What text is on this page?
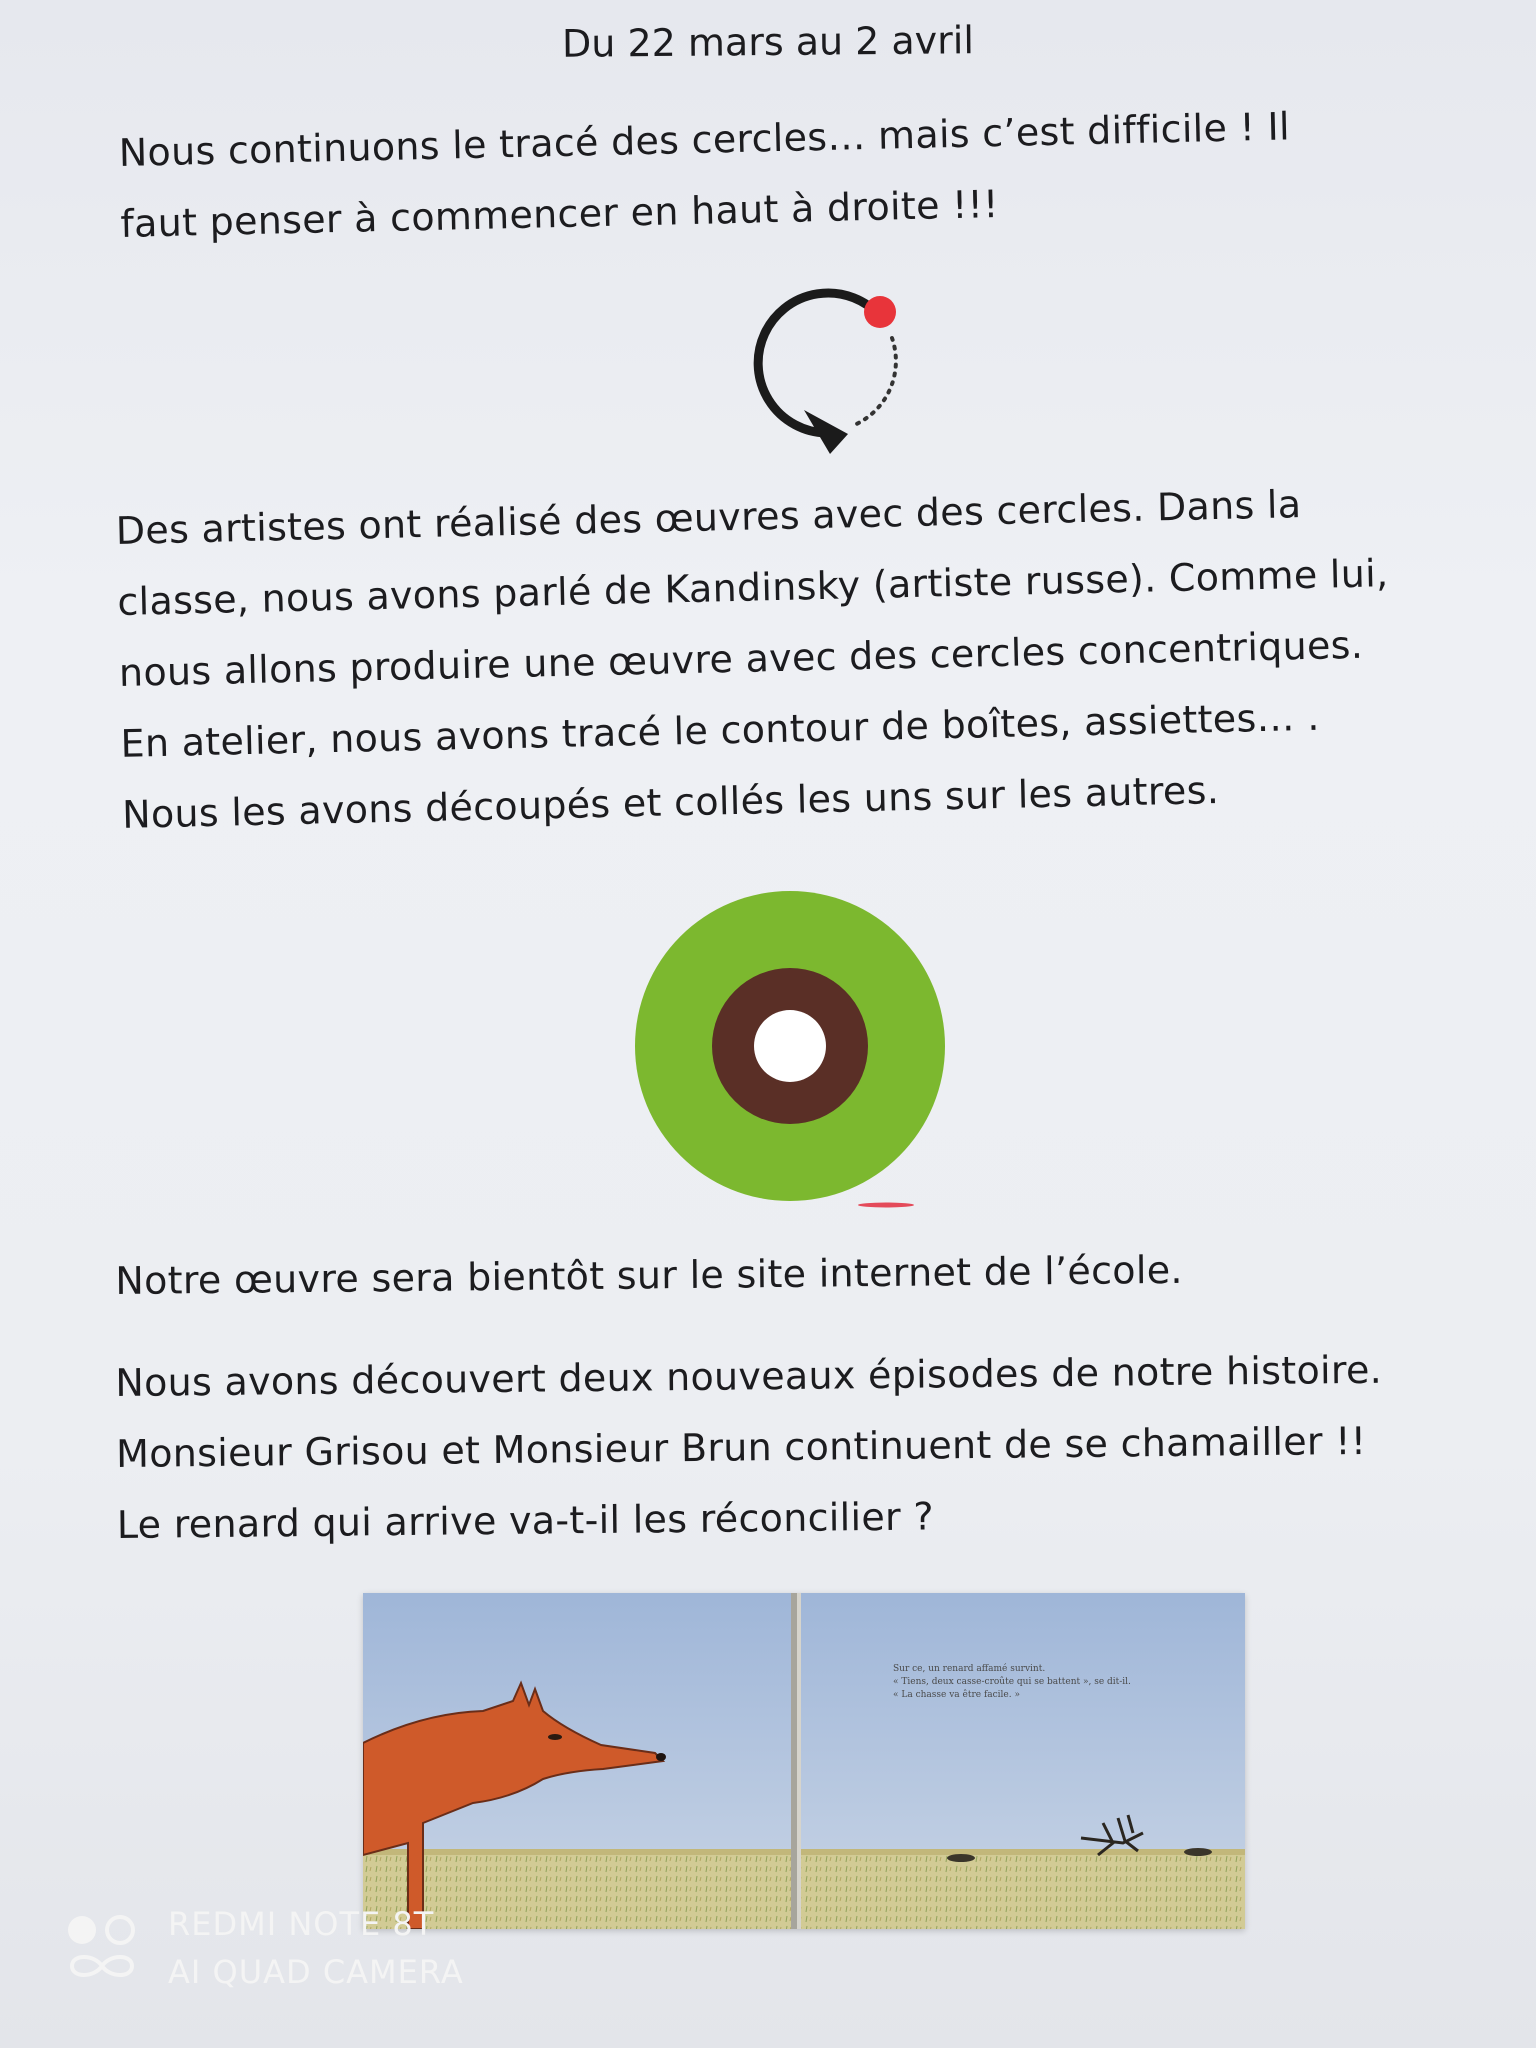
Du 22 mars au 2 avril
Nous continuons le tracé des cercles… mais c’est difficile ! Il
faut penser à commencer en haut à droite !!!
Des artistes ont réalisé des œuvres avec des cercles. Dans la
classe, nous avons parlé de Kandinsky (artiste russe). Comme lui,
nous allons produire une œuvre avec des cercles concentriques.
En atelier, nous avons tracé le contour de boîtes, assiettes… .
Nous les avons découpés et collés les uns sur les autres.
Notre œuvre sera bientôt sur le site internet de l’école.
Nous avons découvert deux nouveaux épisodes de notre histoire.
Monsieur Grisou et Monsieur Brun continuent de se chamailler !!
Le renard qui arrive va-t-il les réconcilier ?
Sur ce, un renard affamé survint.
« Tiens, deux casse-croûte qui se battent », se dit-il.
« La chasse va être facile. »
REDMI NOTE 8T
AI QUAD CAMERA
